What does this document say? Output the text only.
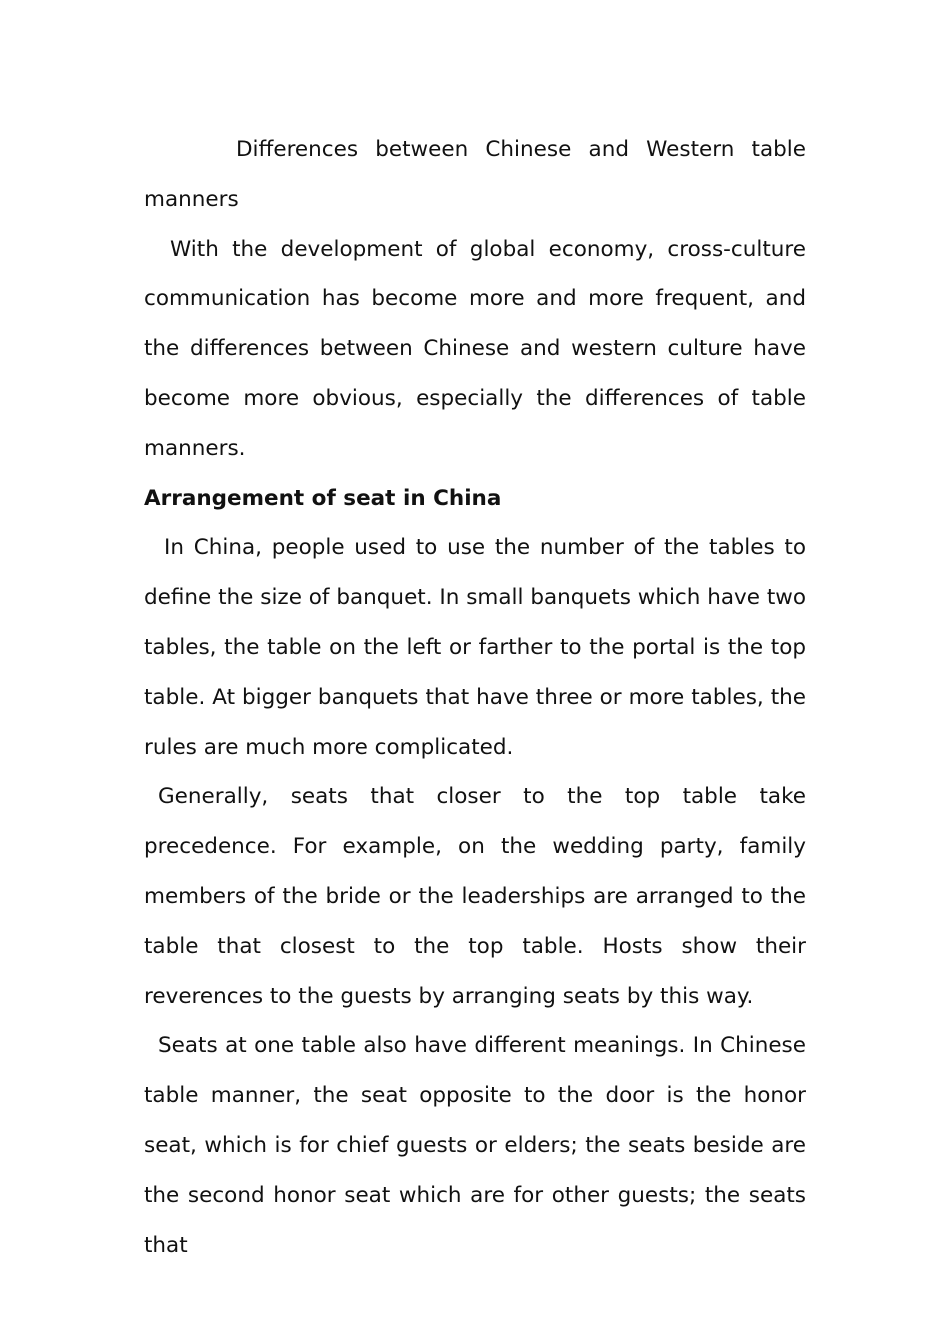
Differences between Chinese and Western table manners

With the development of global economy, cross-culture communication has become more and more frequent, and the differences between Chinese and western culture have become more obvious, especially the differences of table manners.

Arrangement of seat in China

In China, people used to use the number of the tables to define the size of banquet. In small banquets which have two tables, the table on the left or farther to the portal is the top table. At bigger banquets that have three or more tables, the rules are much more complicated.

Generally, seats that closer to the top table take precedence. For example, on the wedding party, family members of the bride or the leaderships are arranged to the table that closest to the top table. Hosts show their reverences to the guests by arranging seats by this way.

Seats at one table also have different meanings. In Chinese table manner, the seat opposite to the door is the honor seat, which is for chief guests or elders; the seats beside are the second honor seat which are for other guests; the seats that
